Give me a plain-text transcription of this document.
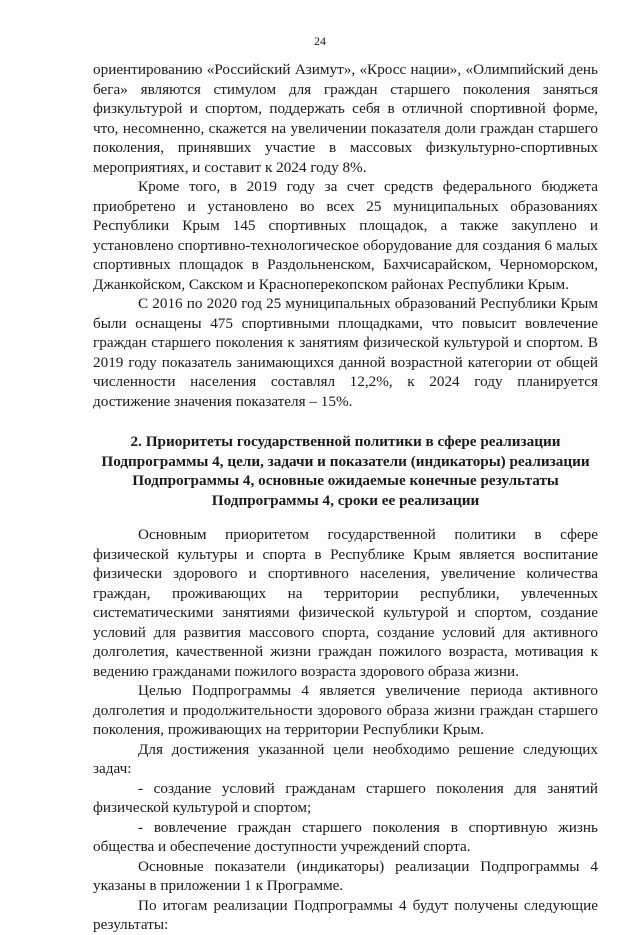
24

ориентированию «Российский Азимут», «Кросс нации», «Олимпийский день бега» являются стимулом для граждан старшего поколения заняться физкультурой и спортом, поддержать себя в отличной спортивной форме, что, несомненно, скажется на увеличении показателя доли граждан старшего поколения, принявших участие в массовых физкультурно-спортивных мероприятиях, и составит к 2024 году 8%.

Кроме того, в 2019 году за счет средств федерального бюджета приобретено и установлено во всех 25 муниципальных образованиях Республики Крым 145 спортивных площадок, а также закуплено и установлено спортивно-технологическое оборудование для создания 6 малых спортивных площадок в Раздольненском, Бахчисарайском, Черноморском, Джанкойском, Сакском и Красноперекопском районах Республики Крым.

С 2016 по 2020 год 25 муниципальных образований Республики Крым были оснащены 475 спортивными площадками, что повысит вовлечение граждан старшего поколения к занятиям физической культурой и спортом. В 2019 году показатель занимающихся данной возрастной категории от общей численности населения составлял 12,2%, к 2024 году планируется достижение значения показателя – 15%.

2. Приоритеты государственной политики в сфере реализации
Подпрограммы 4, цели, задачи и показатели (индикаторы) реализации
Подпрограммы 4, основные ожидаемые конечные результаты
Подпрограммы 4, сроки ее реализации

Основным приоритетом государственной политики в сфере физической культуры и спорта в Республике Крым является воспитание физически здорового и спортивного населения, увеличение количества граждан, проживающих на территории республики, увлеченных систематическими занятиями физической культурой и спортом, создание условий для развития массового спорта, создание условий для активного долголетия, качественной жизни граждан пожилого возраста, мотивация к ведению гражданами пожилого возраста здорового образа жизни.

Целью Подпрограммы 4 является увеличение периода активного долголетия и продолжительности здорового образа жизни граждан старшего поколения, проживающих на территории Республики Крым.

Для достижения указанной цели необходимо решение следующих задач:

- создание условий гражданам старшего поколения для занятий физической культурой и спортом;

- вовлечение граждан старшего поколения в спортивную жизнь общества и обеспечение доступности учреждений спорта.

Основные показатели (индикаторы) реализации Подпрограммы 4 указаны в приложении 1 к Программе.

По итогам реализации Подпрограммы 4 будут получены следующие результаты:
